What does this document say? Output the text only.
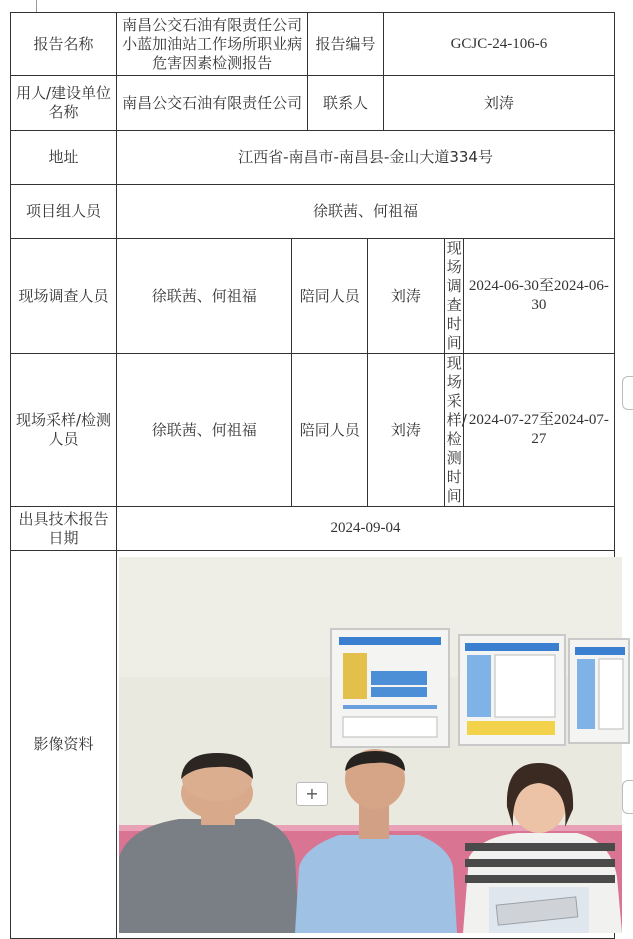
报告名称	南昌公交石油有限责任公司小蓝加油站工作场所职业病危害因素检测报告		报告编号		GCJC-24-106-6		
用人/建设单位名称	南昌公交石油有限责任公司		联系人		刘涛		
地址	江西省-南昌市-南昌县-金山大道334号						
项目组人员	徐联茜、何祖福						
现场调查人员	徐联茜、何祖福	陪同人员		刘涛		现场调查时间	2024-06-30至2024-06-30
现场采样/检测人员	徐联茜、何祖福	陪同人员		刘涛		现场采样/检测时间	2024-07-27至2024-07-27
出具技术报告日期	2024-09-04						
影像资料	
+
